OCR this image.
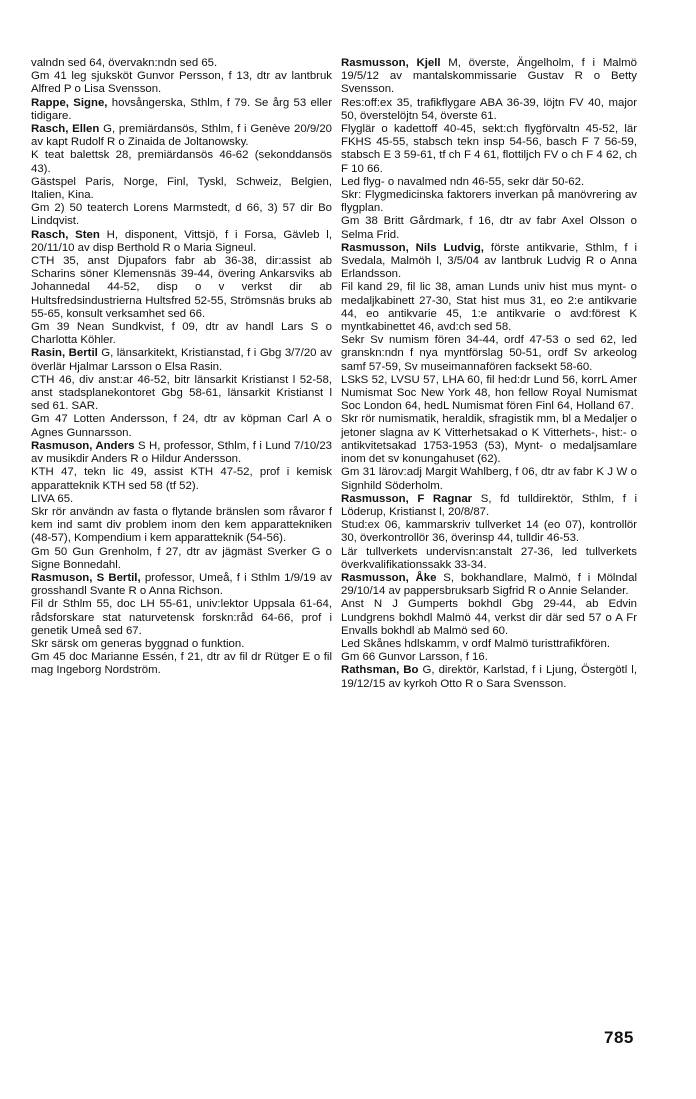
valndn sed 64, övervakn:ndn sed 65.

Gm 41 leg sjuksköt Gunvor Persson, f 13, dtr av lantbruk Alfred P o Lisa Svensson.

Rappe, Signe, hovsångerska, Sthlm, f 79. Se årg 53 eller tidigare.

Rasch, Ellen G, premiärdansös, Sthlm, f i Genève 20/9/20 av kapt Rudolf R o Zinaida de Joltanowsky.

K teat balettsk 28, premiärdansös 46-62 (sekonddansös 43).

Gästspel Paris, Norge, Finl, Tyskl, Schweiz, Belgien, Italien, Kina.

Gm 2) 50 teaterch Lorens Marmstedt, d 66, 3) 57 dir Bo Lindqvist.

Rasch, Sten H, disponent, Vittsjö, f i Forsa, Gävleb l, 20/11/10 av disp Berthold R o Maria Signeul.

CTH 35, anst Djupafors fabr ab 36-38, dir:assist ab Scharins söner Klemensnäs 39-44, övering Ankarsviks ab Johannedal 44-52, disp o v verkst dir ab Hultsfredsindustrierna Hultsfred 52-55, Strömsnäs bruks ab 55-65, konsult verksamhet sed 66.

Gm 39 Nean Sundkvist, f 09, dtr av handl Lars S o Charlotta Köhler.

Rasin, Bertil G, länsarkitekt, Kristianstad, f i Gbg 3/7/20 av överlär Hjalmar Larsson o Elsa Rasin.

CTH 46, div anst:ar 46-52, bitr länsarkit Kristianst l 52-58, anst stadsplanekontoret Gbg 58-61, länsarkit Kristianst l sed 61. SAR.

Gm 47 Lotten Andersson, f 24, dtr av köpman Carl A o Agnes Gunnarsson.

Rasmuson, Anders S H, professor, Sthlm, f i Lund 7/10/23 av musikdir Anders R o Hildur Andersson.

KTH 47, tekn lic 49, assist KTH 47-52, prof i kemisk apparatteknik KTH sed 58 (tf 52).

LIVA 65.

Skr rör användn av fasta o flytande bränslen som råvaror f kem ind samt div problem inom den kem apparattekniken (48-57), Kompendium i kem apparatteknik (54-56).

Gm 50 Gun Grenholm, f 27, dtr av jägmäst Sverker G o Signe Bonnedahl.

Rasmuson, S Bertil, professor, Umeå, f i Sthlm 1/9/19 av grosshandl Svante R o Anna Richson.

Fil dr Sthlm 55, doc LH 55-61, univ:lektor Uppsala 61-64, rådsforskare stat naturvetensk forskn:råd 64-66, prof i genetik Umeå sed 67.

Skr särsk om generas byggnad o funktion.

Gm 45 doc Marianne Essén, f 21, dtr av fil dr Rütger E o fil mag Ingeborg Nordström.

Rasmusson, Kjell M, överste, Ängelholm, f i Malmö 19/5/12 av mantalskommissarie Gustav R o Betty Svensson.

Res:off:ex 35, trafikflygare ABA 36-39, löjtn FV 40, major 50, överstelöjtn 54, överste 61.

Flyglär o kadettoff 40-45, sekt:ch flygförvaltn 45-52, lär FKHS 45-55, stabsch tekn insp 54-56, basch F 7 56-59, stabsch E 3 59-61, tf ch F 4 61, flottiljch FV o ch F 4 62, ch F 10 66.

Led flyg- o navalmed ndn 46-55, sekr där 50-62.

Skr: Flygmedicinska faktorers inverkan på manövrering av flygplan.

Gm 38 Britt Gårdmark, f 16, dtr av fabr Axel Olsson o Selma Frid.

Rasmusson, Nils Ludvig, förste antikvarie, Sthlm, f i Svedala, Malmöh l, 3/5/04 av lantbruk Ludvig R o Anna Erlandsson.

Fil kand 29, fil lic 38, aman Lunds univ hist mus mynt- o medaljkabinett 27-30, Stat hist mus 31, eo 2:e antikvarie 44, eo antikvarie 45, 1:e antikvarie o avd:förest K myntkabinettet 46, avd:ch sed 58.

Sekr Sv numism fören 34-44, ordf 47-53 o sed 62, led granskn:ndn f nya myntförslag 50-51, ordf Sv arkeolog samf 57-59, Sv museimannafören facksekt 58-60.

LSkS 52, LVSU 57, LHA 60, fil hed:dr Lund 56, korrL Amer Numismat Soc New York 48, hon fellow Royal Numismat Soc London 64, hedL Numismat fören Finl 64, Holland 67.

Skr rör numismatik, heraldik, sfragistik mm, bl a Medaljer o jetoner slagna av K Vitterhetsakad o K Vitterhets-, hist:- o antikvitetsakad 1753-1953 (53), Mynt- o medaljsamlare inom det sv konungahuset (62).

Gm 31 lärov:adj Margit Wahlberg, f 06, dtr av fabr K J W o Signhild Söderholm.

Rasmusson, F Ragnar S, fd tulldirektör, Sthlm, f i Löderup, Kristianst l, 20/8/87.

Stud:ex 06, kammarskriv tullverket 14 (eo 07), kontrollör 30, överkontrollör 36, överinsp 44, tulldir 46-53.

Lär tullverkets undervisn:anstalt 27-36, led tullverkets överkvalifikationssakk 33-34.

Rasmusson, Åke S, bokhandlare, Malmö, f i Mölndal 29/10/14 av pappersbruksarb Sigfrid R o Annie Selander.

Anst N J Gumperts bokhdl Gbg 29-44, ab Edvin Lundgrens bokhdl Malmö 44, verkst dir där sed 57 o A Fr Envalls bokhdl ab Malmö sed 60.

Led Skånes hdlskamm, v ordf Malmö turisttrafikfören.

Gm 66 Gunvor Larsson, f 16.

Rathsman, Bo G, direktör, Karlstad, f i Ljung, Östergötl l, 19/12/15 av kyrkoh Otto R o Sara Svensson.

785
